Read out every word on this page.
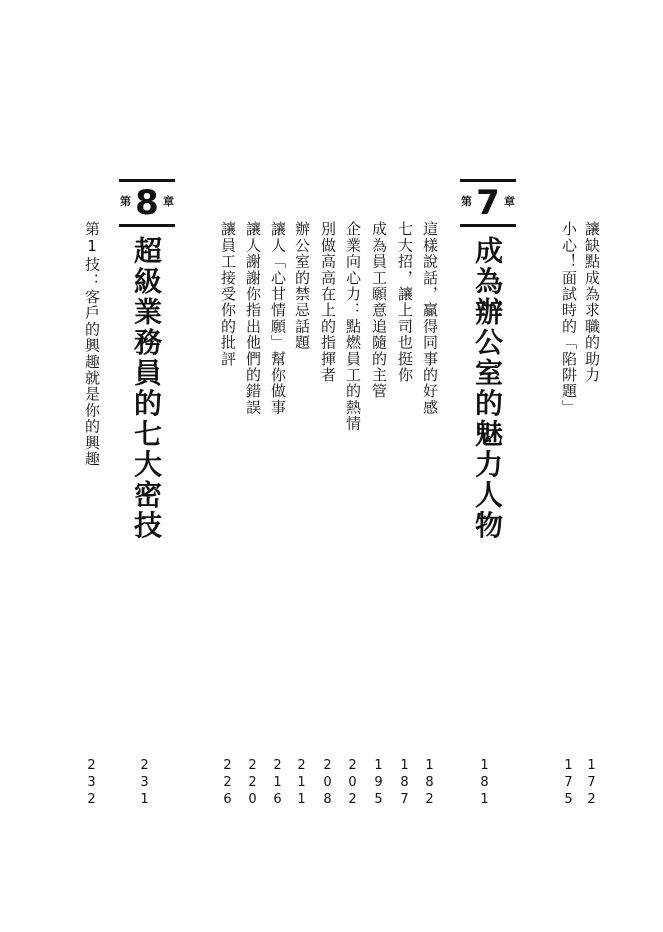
讓缺點成為求職的助力
172
小心！面試時的「陷阱題」
175
第 7 章
成為辦公室的魅力人物
181
這樣說話，贏得同事的好感
182
七大招，讓上司也挺你
187
成為員工願意追隨的主管
195
企業向心力：點燃員工的熱情
202
別做高高在上的指揮者
208
辦公室的禁忌話題
211
讓人「心甘情願」幫你做事
216
讓人謝謝你指出他們的錯誤
220
讓員工接受你的批評
226
第 8 章
超級業務員的七大密技
231
第1技：客戶的興趣就是你的興趣
232
